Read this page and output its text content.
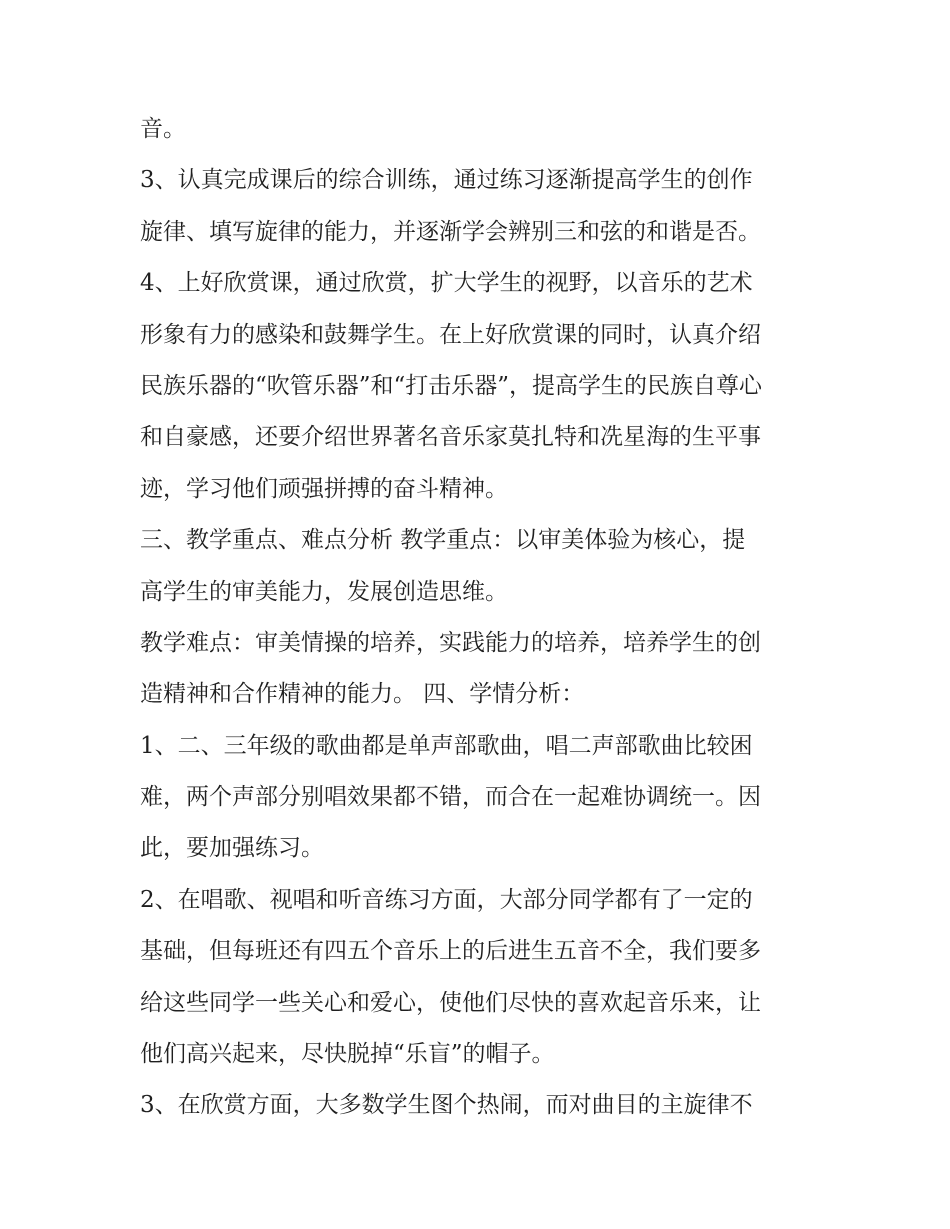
音。
3、认真完成课后的综合训练，通过练习逐渐提高学生的创作
旋律、填写旋律的能力，并逐渐学会辨别三和弦的和谐是否。
4、上好欣赏课，通过欣赏，扩大学生的视野，以音乐的艺术
形象有力的感染和鼓舞学生。在上好欣赏课的同时，认真介绍
民族乐器的“吹管乐器”和“打击乐器”，提高学生的民族自尊心
和自豪感，还要介绍世界著名音乐家莫扎特和冼星海的生平事
迹，学习他们顽强拼搏的奋斗精神。
三、教学重点、难点分析 教学重点：以审美体验为核心，提
高学生的审美能力，发展创造思维。
教学难点：审美情操的培养，实践能力的培养，培养学生的创
造精神和合作精神的能力。 四、学情分析：
1、二、三年级的歌曲都是单声部歌曲，唱二声部歌曲比较困
难，两个声部分别唱效果都不错，而合在一起难协调统一。因
此，要加强练习。
2、在唱歌、视唱和听音练习方面，大部分同学都有了一定的
基础，但每班还有四五个音乐上的后进生五音不全，我们要多
给这些同学一些关心和爱心，使他们尽快的喜欢起音乐来，让
他们高兴起来，尽快脱掉“乐盲”的帽子。
3、在欣赏方面，大多数学生图个热闹，而对曲目的主旋律不
